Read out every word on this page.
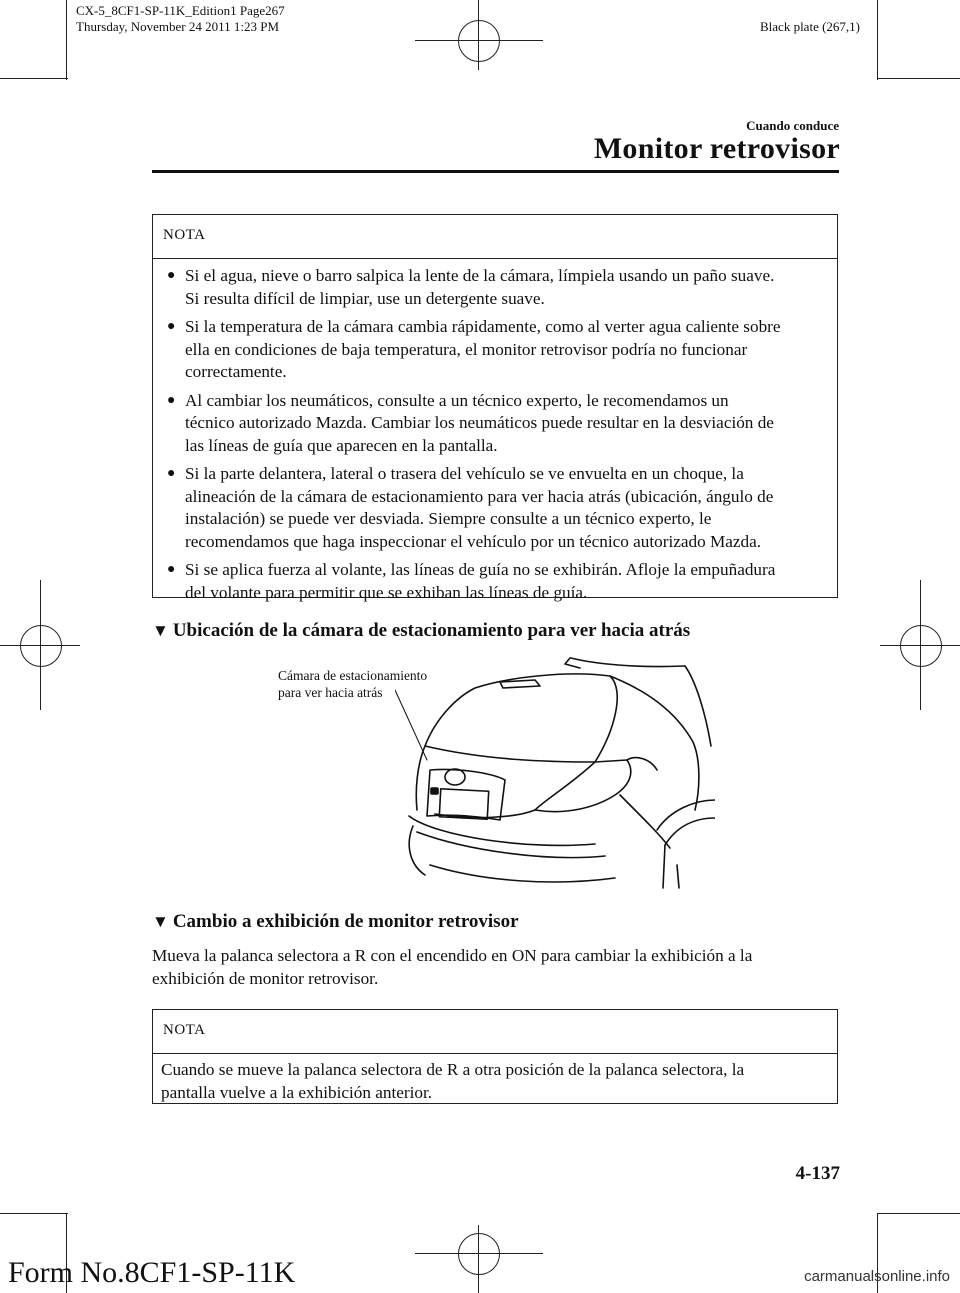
CX-5_8CF1-SP-11K_Edition1 Page267
Thursday, November 24 2011 1:23 PM	Black plate (267,1)
Cuando conduce
Monitor retrovisor
NOTA
● Si el agua, nieve o barro salpica la lente de la cámara, límpiela usando un paño suave.
Si resulta difícil de limpiar, use un detergente suave.
● Si la temperatura de la cámara cambia rápidamente, como al verter agua caliente sobre
ella en condiciones de baja temperatura, el monitor retrovisor podría no funcionar
correctamente.
● Al cambiar los neumáticos, consulte a un técnico experto, le recomendamos un
técnico autorizado Mazda. Cambiar los neumáticos puede resultar en la desviación de
las líneas de guía que aparecen en la pantalla.
● Si la parte delantera, lateral o trasera del vehículo se ve envuelta en un choque, la
alineación de la cámara de estacionamiento para ver hacia atrás (ubicación, ángulo de
instalación) se puede ver desviada. Siempre consulte a un técnico experto, le
recomendamos que haga inspeccionar el vehículo por un técnico autorizado Mazda.
● Si se aplica fuerza al volante, las líneas de guía no se exhibirán. Afloje la empuñadura
del volante para permitir que se exhiban las líneas de guía.
▼ Ubicación de la cámara de estacionamiento para ver hacia atrás
Cámara de estacionamiento
para ver hacia atrás
▼ Cambio a exhibición de monitor retrovisor
Mueva la palanca selectora a R con el encendido en ON para cambiar la exhibición a la
exhibición de monitor retrovisor.
NOTA
Cuando se mueve la palanca selectora de R a otra posición de la palanca selectora, la
pantalla vuelve a la exhibición anterior.
4-137
Form No.8CF1-SP-11K	carmanualsonline.info
